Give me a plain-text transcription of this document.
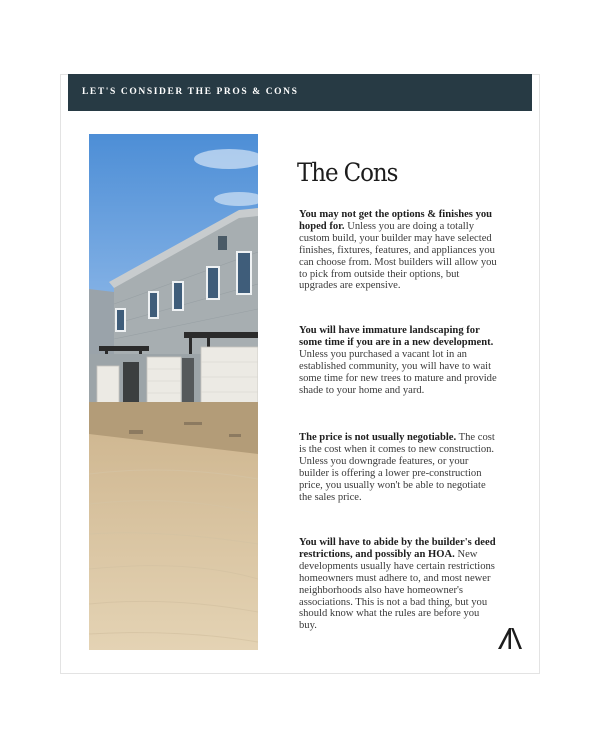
LET'S CONSIDER THE PROS & CONS
The Cons
You may not get the options & finishes you hoped for. Unless you are doing a totally custom build, your builder may have selected finishes, fixtures, features, and appliances you can choose from. Most builders will allow you to pick from outside their options, but upgrades are expensive.
You will have immature landscaping for some time if you are in a new development. Unless you purchased a vacant lot in an established community, you will have to wait some time for new trees to mature and provide shade to your home and yard.
The price is not usually negotiable. The cost is the cost when it comes to new construction. Unless you downgrade features, or your builder is offering a lower pre-construction price, you usually won't be able to negotiate the sales price.
You will have to abide by the builder's deed restrictions, and possibly an HOA. New developments usually have certain restrictions homeowners must adhere to, and most newer neighborhoods also have homeowner's associations. This is not a bad thing, but you should know what the rules are before you buy.
